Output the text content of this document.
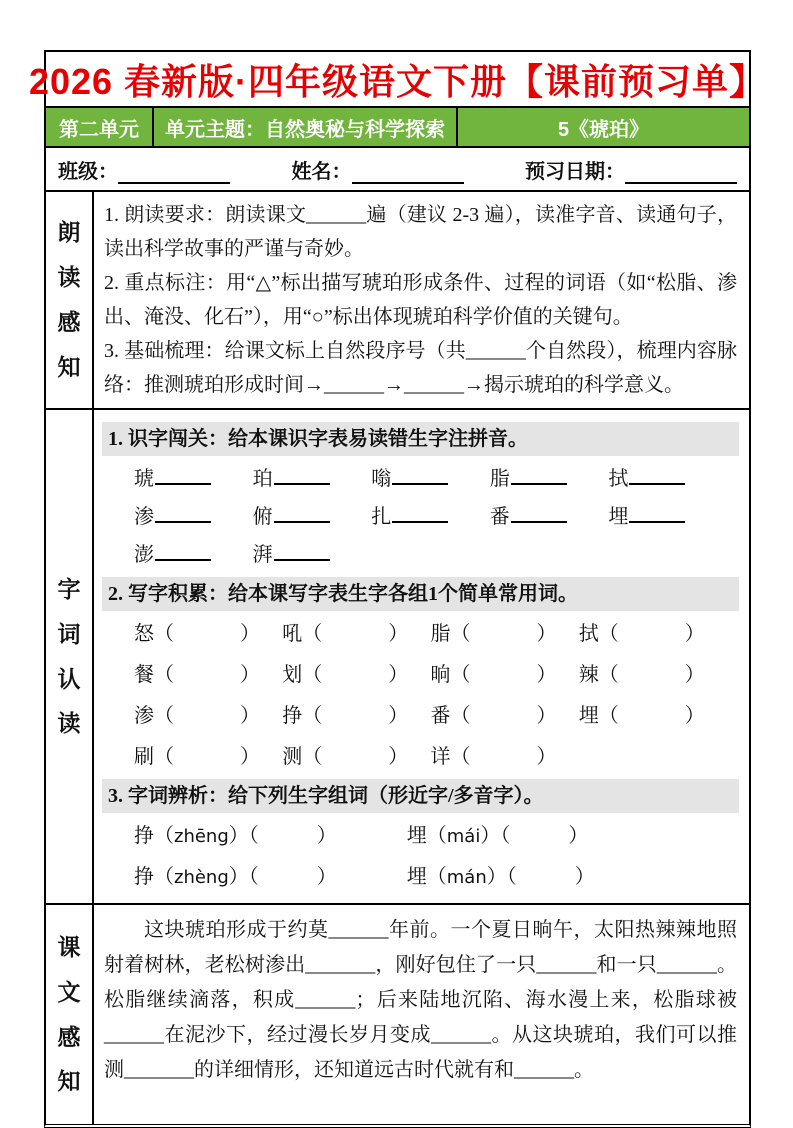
2026 春新版·四年级语文下册【课前预习单】
第二单元	单元主题：自然奥秘与科学探索	5《琥珀》
班级：	姓名：	预习日期：
朗读感知

1. 朗读要求：朗读课文______遍（建议 2-3 遍），读准字音、读通句子，读出科学故事的严谨与奇妙。

2. 重点标注：用“△”标出描写琥珀形成条件、过程的词语（如“松脂、渗出、淹没、化石”），用“○”标出体现琥珀科学价值的关键句。

3. 基础梳理：给课文标上自然段序号（共______个自然段），梳理内容脉络：推测琥珀形成时间→______→______→揭示琥珀的科学意义。

字词认读
1. 识字闯关：给本课识字表易读错生字注拼音。
琥	珀	嗡	脂	拭
渗	俯	扎	番	埋
澎	湃
2. 写字积累：给本课写字表生字各组1个简单常用词。
怒（	）	吼（	）	脂（	）	拭（	）
餐（	）	划（	）	晌（	）	辣（	）
渗（	）	挣（	）	番（	）	埋（	）
刷（	）	测（	）	详（	）
3. 字词辨析：给下列生字组词（形近字/多音字）。
挣（zhēng）（	）	埋（mái）（	）
挣（zhèng）（	）	埋（mán）（	）
课文感知

这块琥珀形成于约莫______年前。一个夏日晌午，太阳热辣辣地照射着树林，老松树渗出_______，刚好包住了一只______和一只______。松脂继续滴落，积成______；后来陆地沉陷、海水漫上来，松脂球被______在泥沙下，经过漫长岁月变成______。从这块琥珀，我们可以推测_______的详细情形，还知道远古时代就有和______。
